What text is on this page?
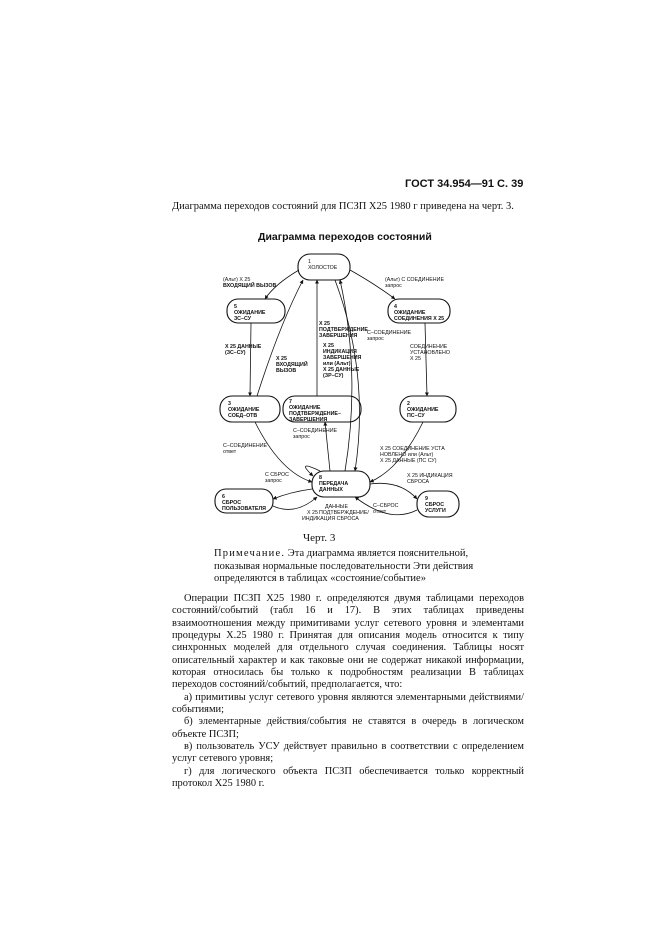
ГОСТ 34.954—91 С. 39
Диаграмма переходов состояний для ПСЗП Х25 1980 г приведена на черт. 3.
Диаграмма переходов состояний
1 ХОЛОСТОЕ
5 ОЖИДАНИЕ ЗС–СУ
4 ОЖИДАНИЕ СОЕДИНЕНИЯ Х 25
3 ОЖИДАНИЕ СОЕД–ОТВ
7 ОЖИДАНИЕ ПОДТВЕРЖДЕНИЕ– ЗАВЕРШЕНИЯ
2 ОЖИДАНИЕ ПС–СУ
6 СБРОС ПОЛЬЗОВАТЕЛЯ
8 ПЕРЕДАЧА ДАННЫХ
9 СБРОС УСЛУГИ
(Альт) Х 25 ВХОДЯЩИЙ ВЫЗОВ
(Альт) С СОЕДИНЕНИЕ запрос
Х 25 ПОДТВЕРЖДЕНИЕ ЗАВЕРШЕНИЯ	С–СОЕДИНЕНИЕ запрос
Х 25 ДАННЫЕ (ЗС–СУ)
Х 25 ВХОДЯЩИЙ ВЫЗОВ
Х 25 ИНДИКАЦИЯ ЗАВЕРШЕНИЯ или (Альт) Х 25 ДАННЫЕ (ЗР–СУ)
СОЕДИНЕНИЕ УСТАНОВЛЕНО Х 25
С–СОЕДИНЕНИЕ запрос
С–СОЕДИНЕНИЕ ответ	Х 25 СОЕДИНЕНИЕ УСТА НОВЛЕНО или (Альт) Х 25 ДАННЫЕ (ПС СУ)
С СБРОС запрос
Х 25 ИНДИКАЦИЯ СБРОСА
ДАННЫЕ Х 25ПОДТВЕРЖДЕНИЕ/ ИНДИКАЦИЯ СБРОСА
С–СБРОС ответ
Черт. 3
Примечание. Эта диаграмма является пояснительной, показывая нормальные последовательности Эти действия определяются в таблицах «состояние/событие»

Операции ПСЗП Х25 1980 г. определяются двумя таблицами переходов состояний/событий (табл 16 и 17). В этих таблицах приведены взаимоотношения между примитивами услуг сетевого уровня и элементами процедуры Х.25 1980 г. Принятая для описания модель относится к типу синхронных моделей для отдельного случая соединения. Таблицы носят описательный характер и как таковые они не содержат никакой информации, которая относилась бы только к подробностям реализации В таблицах переходов состояний/событий, предполагается, что:

а) примитивы услуг сетевого уровня являются элементарными действиями/событиями;

б) элементарные действия/события не ставятся в очередь в логическом объекте ПСЗП;

в) пользователь УСУ действует правильно в соответствии с определением услуг сетевого уровня;

г) для логического объекта ПСЗП обеспечивается только корректный протокол Х25 1980 г.
